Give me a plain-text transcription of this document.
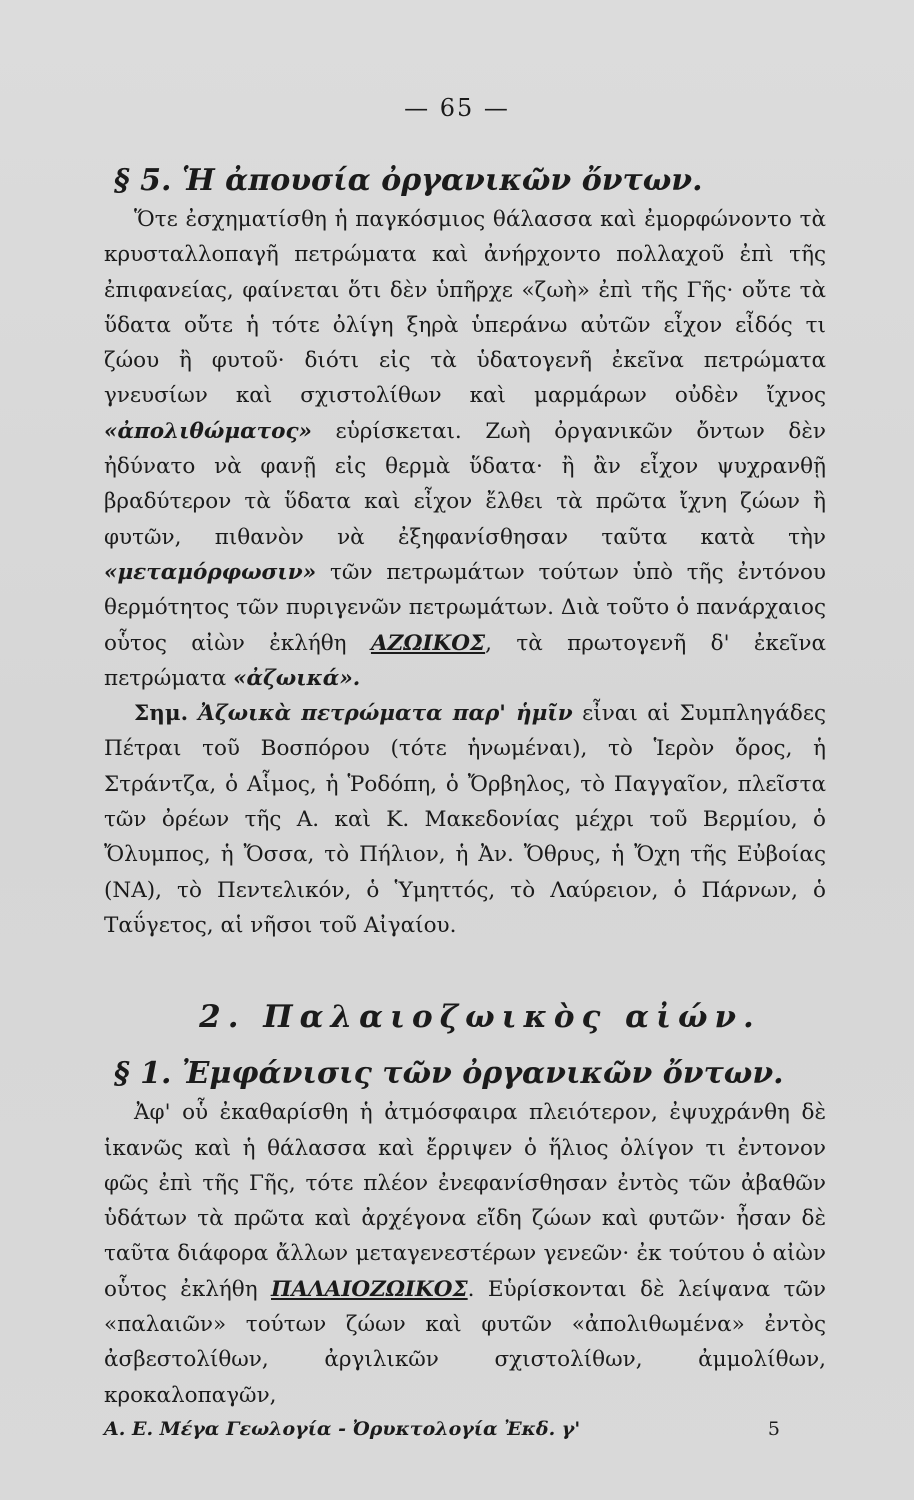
— 65 —
§ 5. Ἡ ἀπουσία ὀργανικῶν ὄντων.

Ὅτε ἐσχηματίσθη ἡ παγκόσμιος θάλασσα καὶ ἐμορφώνοντο τὰ κρυσταλλοπαγῆ πετρώματα καὶ ἀνήρχοντο πολλαχοῦ ἐπὶ τῆς ἐπιφανείας, φαίνεται ὅτι δὲν ὑπῆρχε «ζωὴ» ἐπὶ τῆς Γῆς· οὔτε τὰ ὕδατα οὔτε ἡ τότε ὀλίγη ξηρὰ ὑπεράνω αὐτῶν εἶχον εἶδός τι ζώου ἢ φυτοῦ· διότι εἰς τὰ ὑδατογενῆ ἐκεῖνα πετρώματα γνευσίων καὶ σχιστολίθων καὶ μαρμάρων οὐδὲν ἴχνος «ἀπολιθώματος» εὑρίσκεται. Ζωὴ ὀργανικῶν ὄντων δὲν ἠδύνατο νὰ φανῇ εἰς θερμὰ ὕδατα· ἢ ἂν εἶχον ψυχρανθῇ βραδύτερον τὰ ὕδατα καὶ εἶχον ἔλθει τὰ πρῶτα ἴχνη ζώων ἢ φυτῶν, πιθανὸν νὰ ἐξηφανίσθησαν ταῦτα κατὰ τὴν «μεταμόρφωσιν» τῶν πετρωμάτων τούτων ὑπὸ τῆς ἐντόνου θερμότητος τῶν πυριγενῶν πετρωμάτων. Διὰ τοῦτο ὁ πανάρχαιος οὗτος αἰὼν ἐκλήθη ΑΖΩΙΚΟΣ, τὰ πρωτογενῆ δ' ἐκεῖνα πετρώματα «ἀζωικά».

Σημ. Ἀζωικὰ πετρώματα παρ' ἡμῖν εἶναι αἱ Συμπληγάδες Πέτραι τοῦ Βοσπόρου (τότε ἡνωμέναι), τὸ Ἱερὸν ὄρος, ἡ Στράντζα, ὁ Αἷμος, ἡ Ῥοδόπη, ὁ Ὄρβηλος, τὸ Παγγαῖον, πλεῖστα τῶν ὀρέων τῆς Α. καὶ Κ. Μακεδονίας μέχρι τοῦ Βερμίου, ὁ Ὄλυμπος, ἡ Ὄσσα, τὸ Πήλιον, ἡ Ἀν. Ὄθρυς, ἡ Ὄχη τῆς Εὐβοίας (ΝΑ), τὸ Πεντελικόν, ὁ Ὑμηττός, τὸ Λαύρειον, ὁ Πάρνων, ὁ Ταΰγετος, αἱ νῆσοι τοῦ Αἰγαίου.

2. Παλαιοζωικὸς αἰών.
§ 1. Ἐμφάνισις τῶν ὀργανικῶν ὄντων.

Ἀφ' οὗ ἐκαθαρίσθη ἡ ἀτμόσφαιρα πλειότερον, ἐψυχράνθη δὲ ἱκανῶς καὶ ἡ θάλασσα καὶ ἔρριψεν ὁ ἥλιος ὀλίγον τι ἐντονον φῶς ἐπὶ τῆς Γῆς, τότε πλέον ἐνεφανίσθησαν ἐντὸς τῶν ἀβαθῶν ὑδάτων τὰ πρῶτα καὶ ἀρχέγονα εἴδη ζώων καὶ φυτῶν· ἦσαν δὲ ταῦτα διάφορα ἄλλων μεταγενεστέρων γενεῶν· ἐκ τούτου ὁ αἰὼν οὗτος ἐκλήθη ΠΑΛΑΙΟΖΩΙΚΟΣ. Εὑρίσκονται δὲ λείψανα τῶν «παλαιῶν» τούτων ζώων καὶ φυτῶν «ἀπολιθωμένα» ἐντὸς ἀσβεστολίθων, ἀργιλικῶν σχιστολίθων, ἀμμολίθων, κροκαλοπαγῶν,

Α. Ε. Μέγα Γεωλογία - Ὀρυκτολογία Ἐκδ. γ'	5
